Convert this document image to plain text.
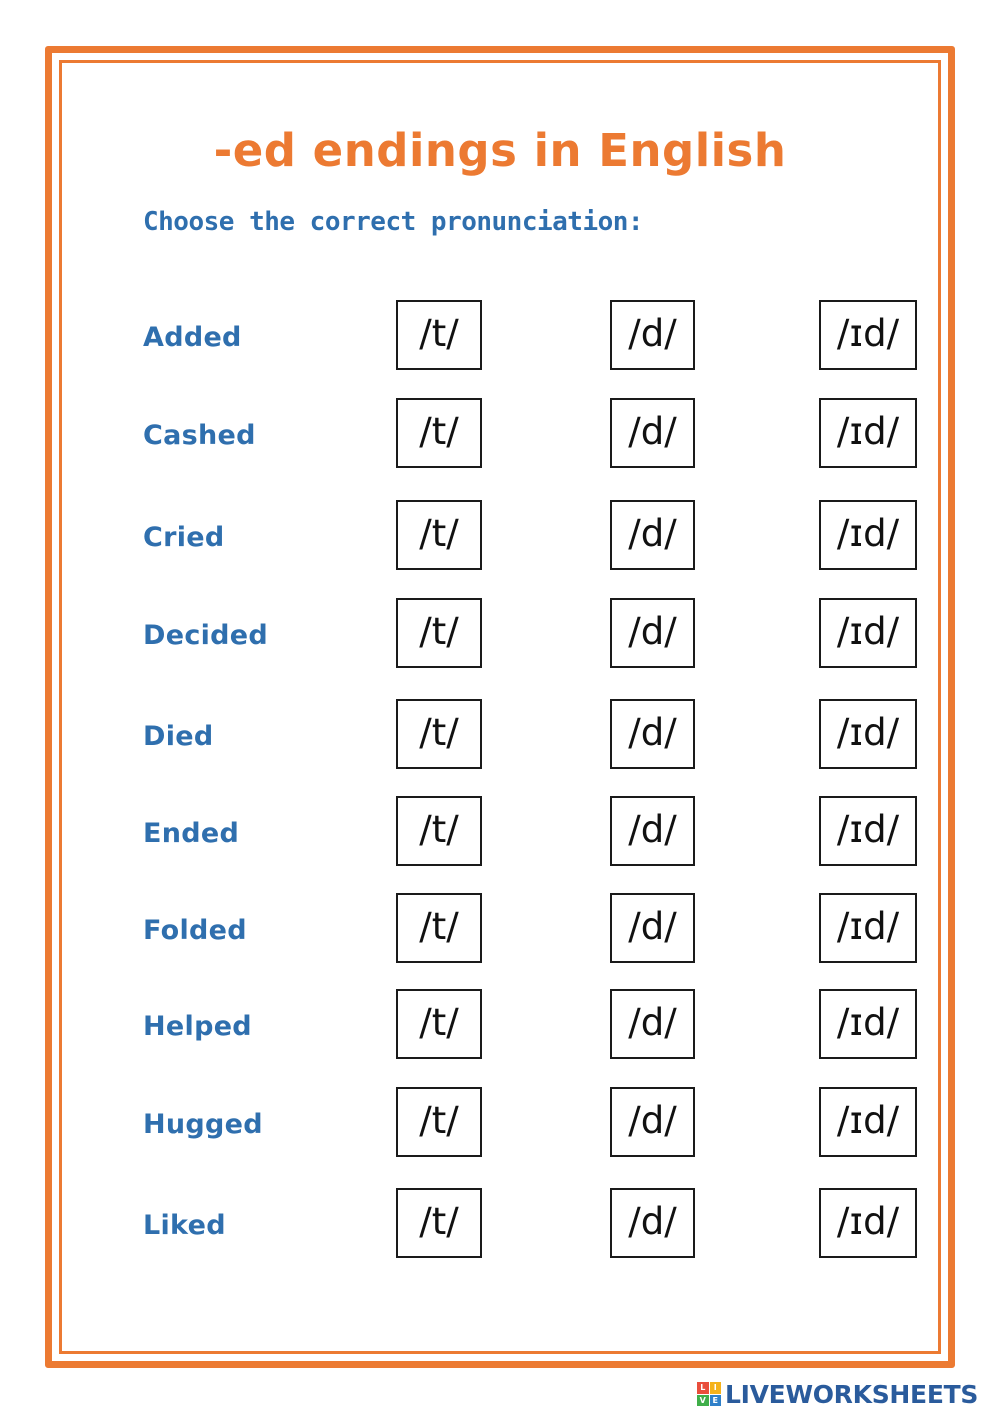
-ed endings in English

Choose the correct pronunciation:

Added	/t/	/d/	/ɪd/
Cashed	/t/	/d/	/ɪd/
Cried	/t/	/d/	/ɪd/
Decided	/t/	/d/	/ɪd/
Died	/t/	/d/	/ɪd/
Ended	/t/	/d/	/ɪd/
Folded	/t/	/d/	/ɪd/
Helped	/t/	/d/	/ɪd/
Hugged	/t/	/d/	/ɪd/
Liked	/t/	/d/	/ɪd/
L	I
V E LIVEWORKSHEETS
